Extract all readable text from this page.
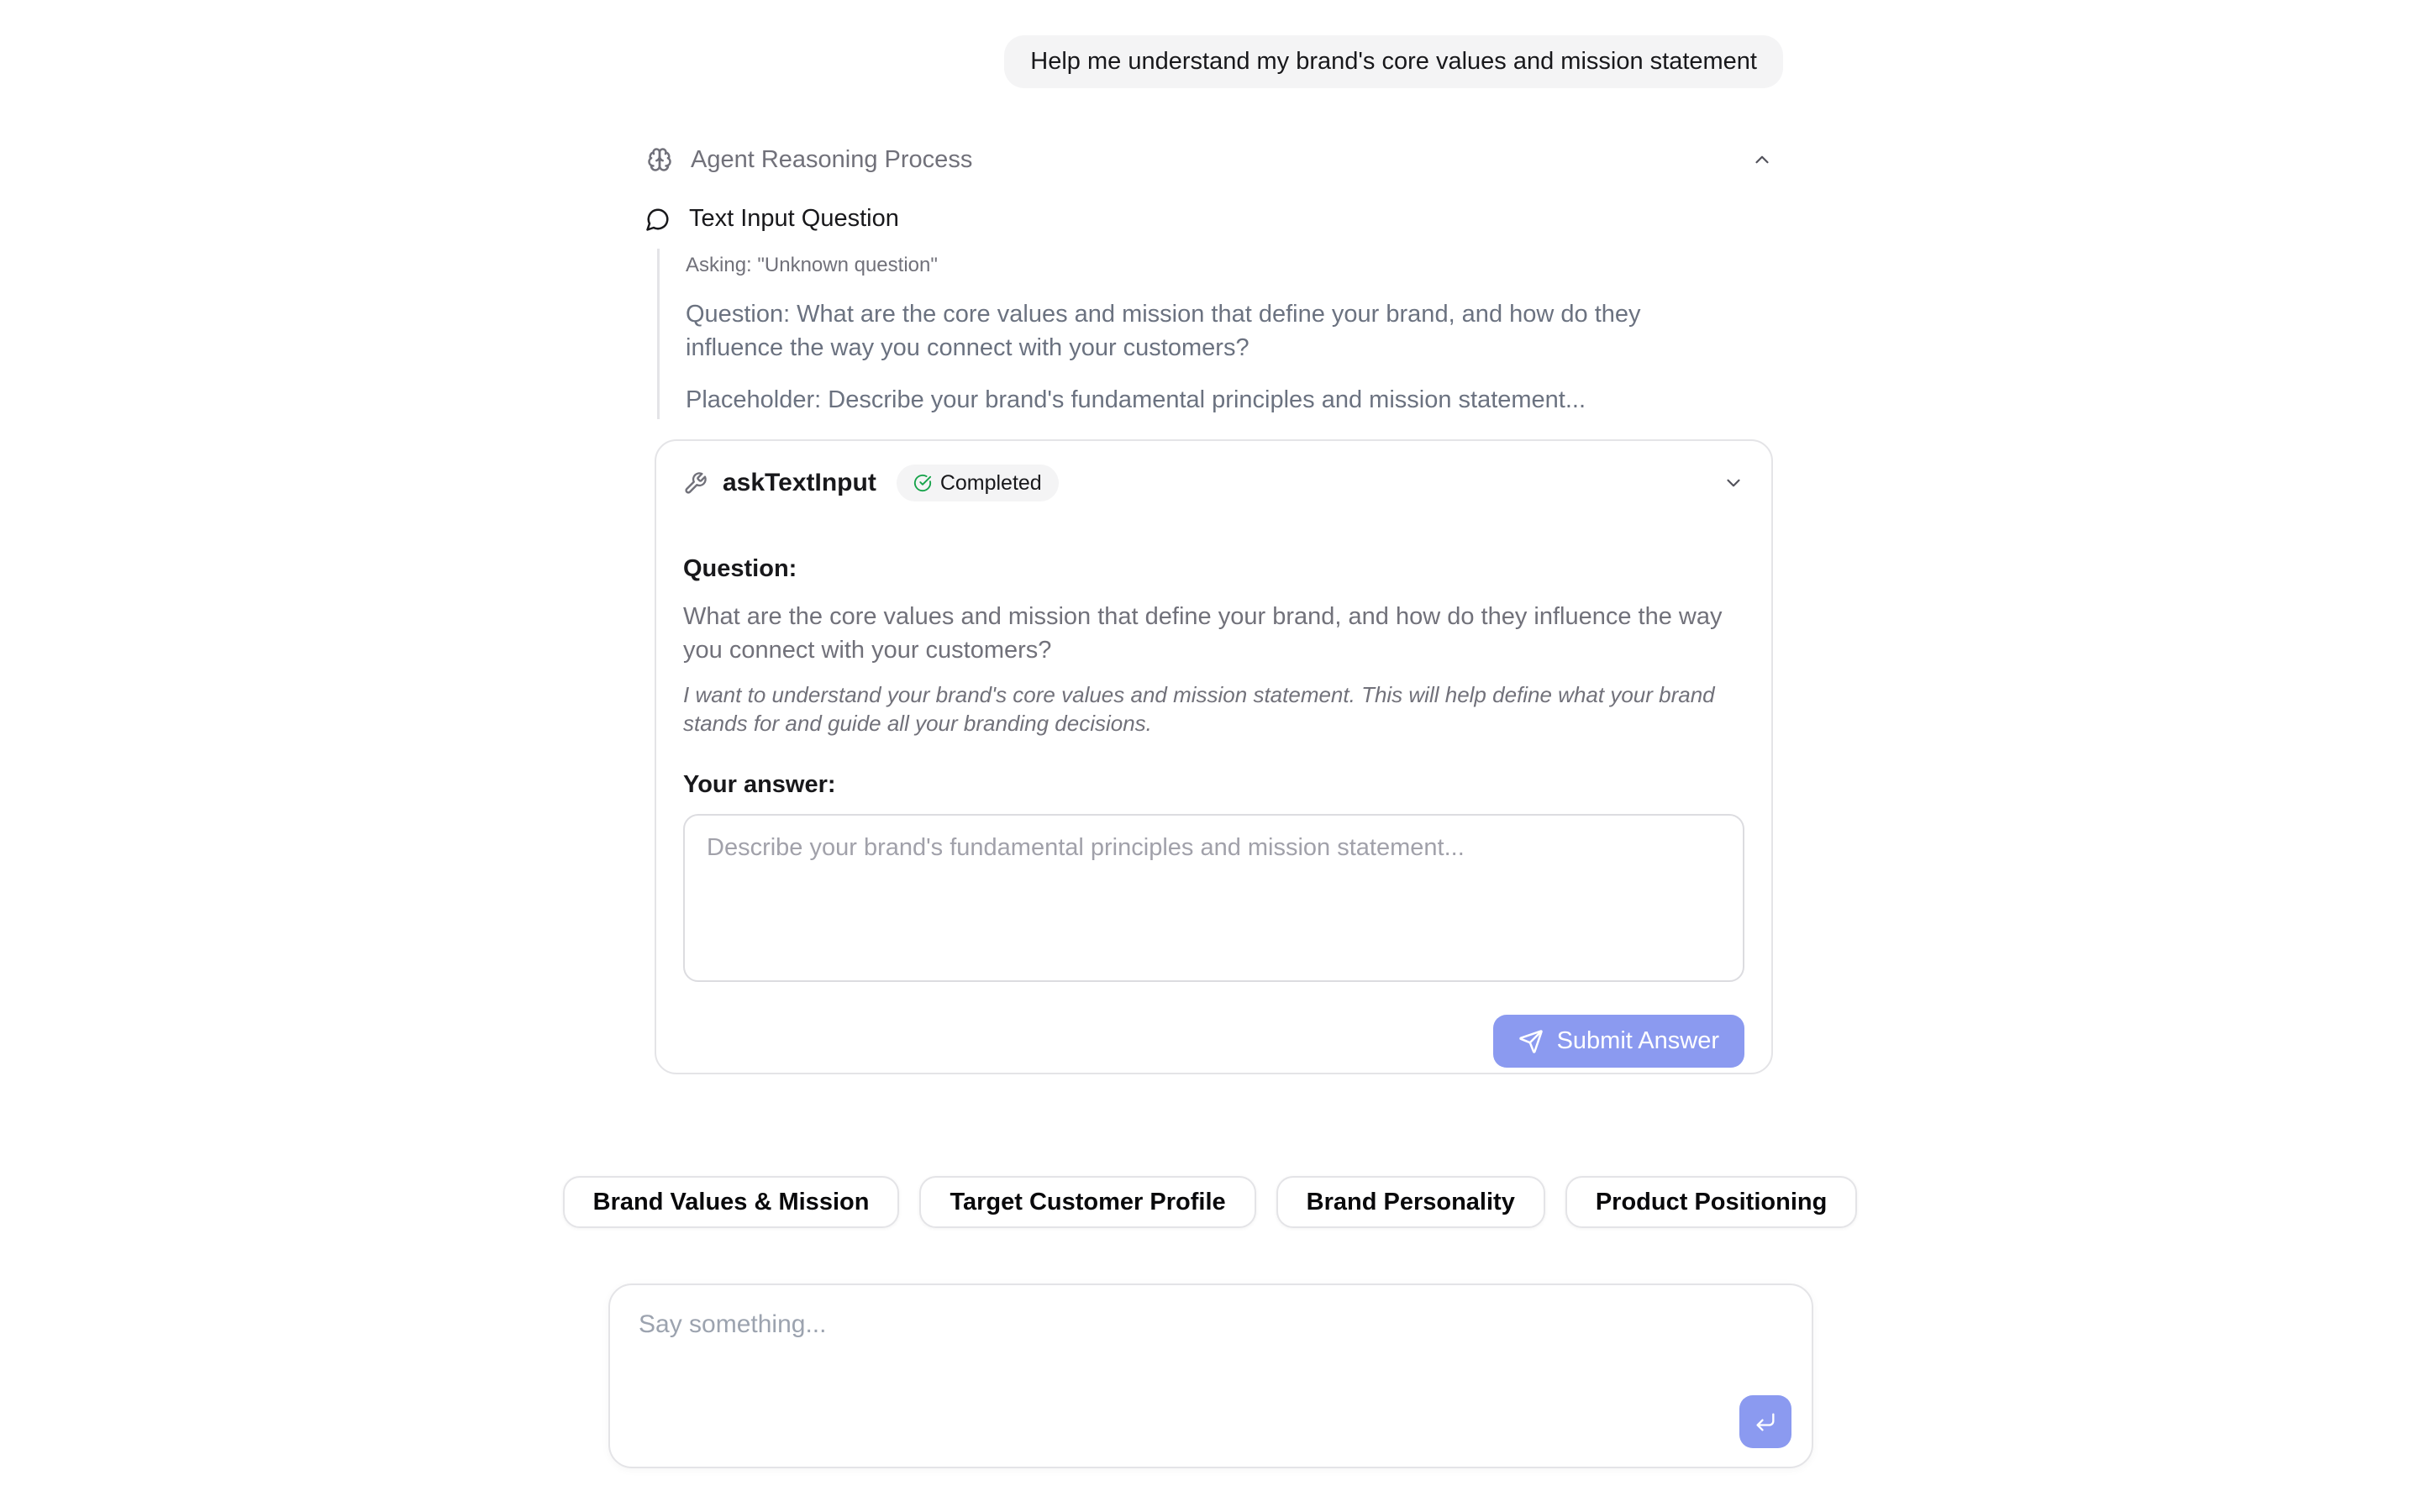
Help me understand my brand's core values and mission statement
Agent Reasoning Process
Text Input Question
Asking: "Unknown question"
Question: What are the core values and mission that define your brand, and how do they influence the way you connect with your customers?
Placeholder: Describe your brand's fundamental principles and mission statement...
askTextInput	Completed
Question:
What are the core values and mission that define your brand, and how do they influence the way you connect with your customers?
I want to understand your brand's core values and mission statement. This will help define what your brand stands for and guide all your branding decisions.
Your answer:
Describe your brand's fundamental principles and mission statement...
Submit Answer
Brand Values & Mission	Target Customer Profile	Brand Personality	Product Positioning
Say something...
